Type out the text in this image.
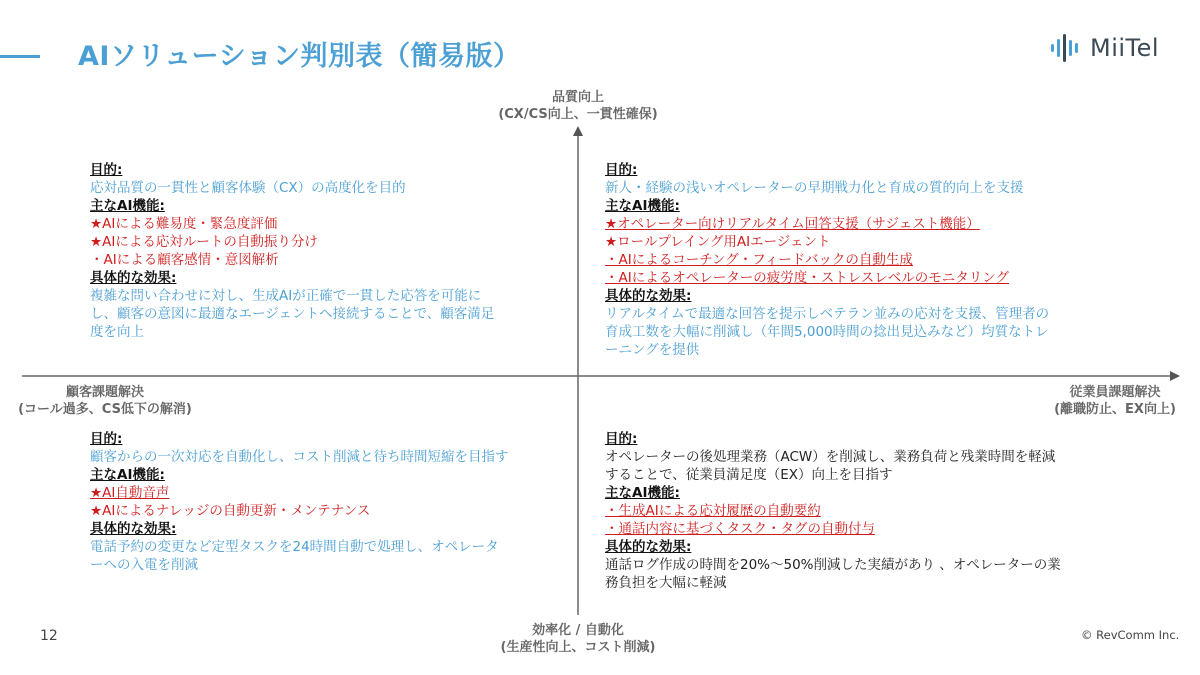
AIソリューション判別表（簡易版）	MiiTel
品質向上
(CX/CS向上、一貫性確保)
効率化 / 自動化
(生産性向上、コスト削減)
顧客課題解決
(コール過多、CS低下の解消)
従業員課題解決
(離職防止、EX向上)
目的:
応対品質の一貫性と顧客体験（CX）の高度化を目的
主なAI機能:
★AIによる難易度・緊急度評価
★AIによる応対ルートの自動振り分け
・AIによる顧客感情・意図解析
具体的な効果:
複雑な問い合わせに対し、生成AIが正確で一貫した応答を可能に
し、顧客の意図に最適なエージェントへ接続することで、顧客満足
度を向上
目的:
新人・経験の浅いオペレーターの早期戦力化と育成の質的向上を支援
主なAI機能:
★オペレーター向けリアルタイム回答支援（サジェスト機能）
★ロールプレイング用AIエージェント
・AIによるコーチング・フィードバックの自動生成
・AIによるオペレーターの疲労度・ストレスレベルのモニタリング
具体的な効果:
リアルタイムで最適な回答を提示しベテラン並みの応対を支援、管理者の
育成工数を大幅に削減し（年間5,000時間の捻出見込みなど）均質なトレ
ーニングを提供
目的:
顧客からの一次対応を自動化し、コスト削減と待ち時間短縮を目指す
主なAI機能:
★AI自動音声
★AIによるナレッジの自動更新・メンテナンス
具体的な効果:
電話予約の変更など定型タスクを24時間自動で処理し、オペレータ
ーへの入電を削減
目的:
オペレーターの後処理業務（ACW）を削減し、業務負荷と残業時間を軽減
することで、従業員満足度（EX）向上を目指す
主なAI機能:
・生成AIによる応対履歴の自動要約
・通話内容に基づくタスク・タグの自動付与
具体的な効果:
通話ログ作成の時間を20%〜50%削減した実績があり 、オペレーターの業
務負担を大幅に軽減
12	© RevComm Inc.
